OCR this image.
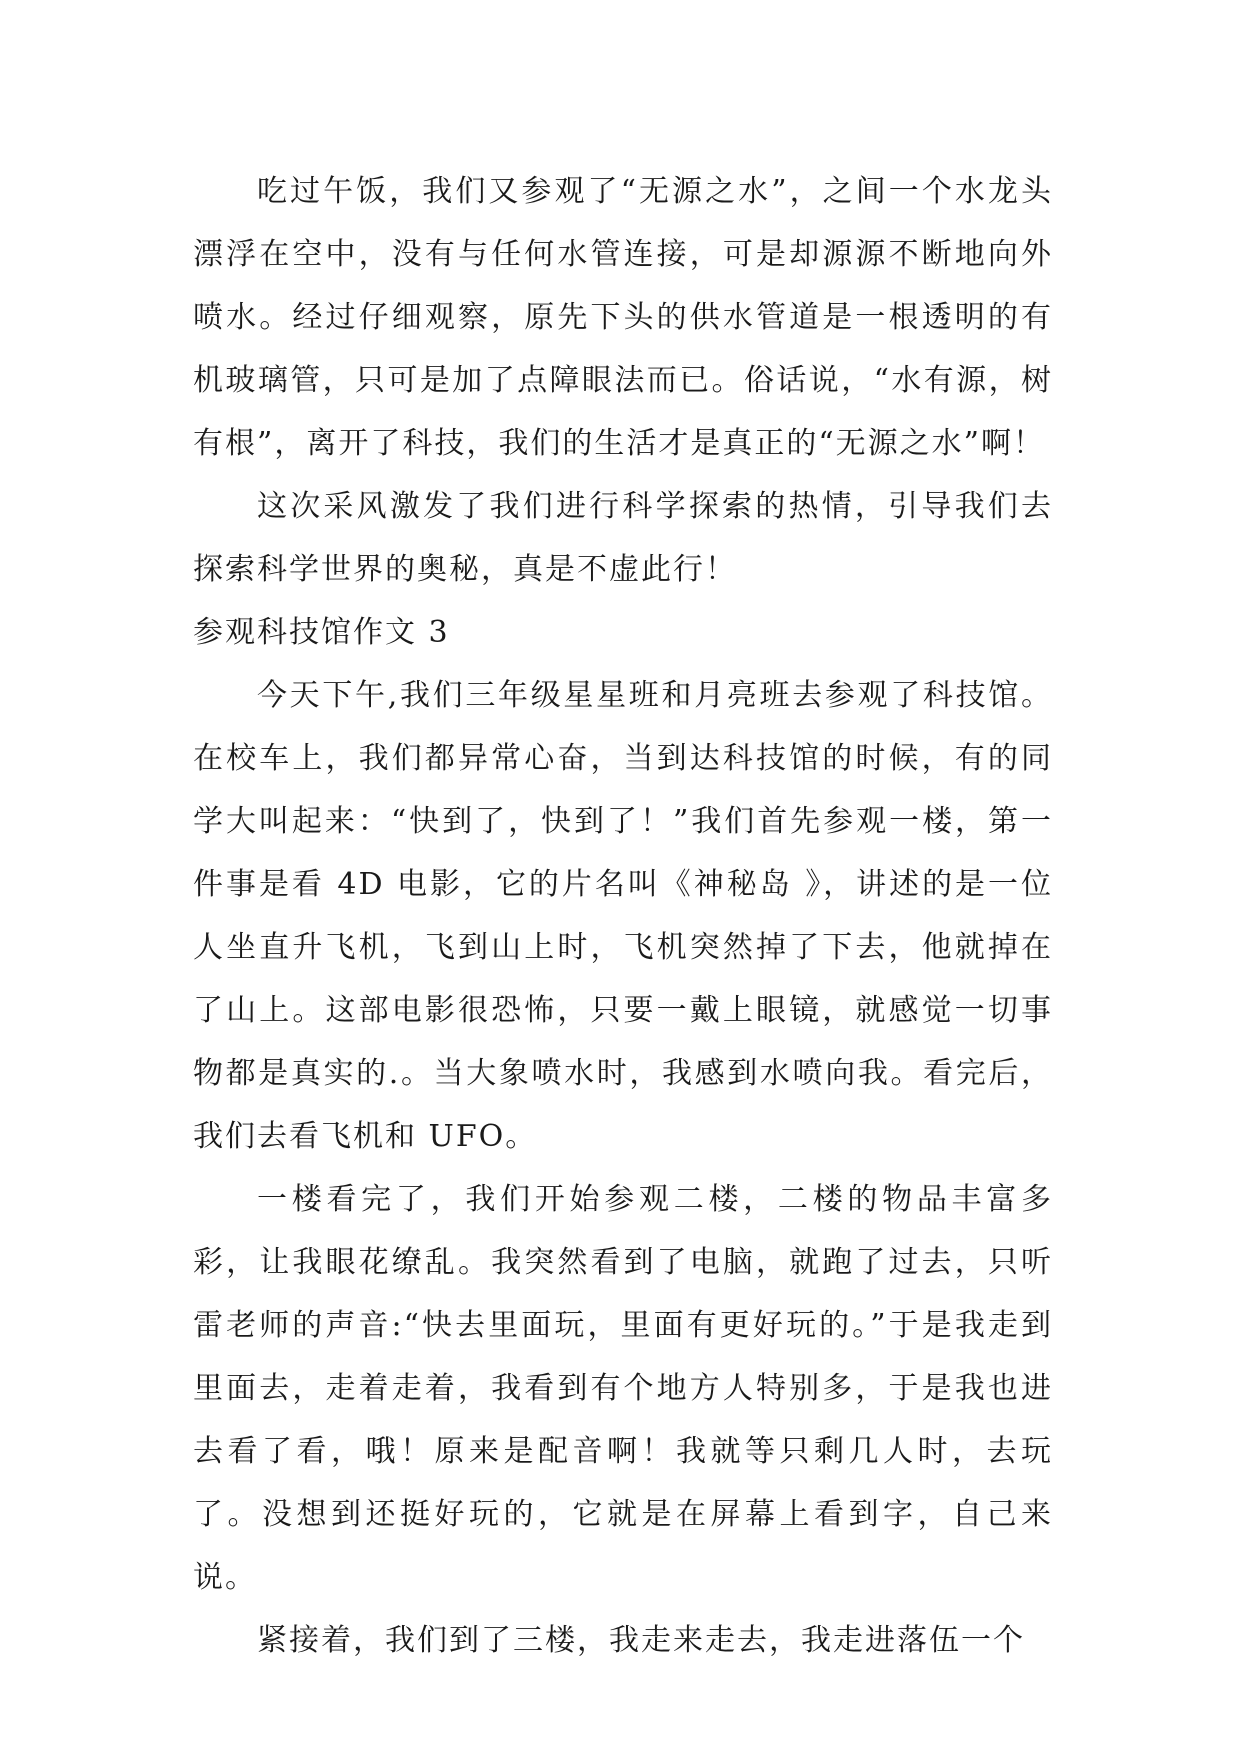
吃过午饭，我们又参观了“无源之水”，之间一个水龙头漂浮在空中，没有与任何水管连接，可是却源源不断地向外喷水。经过仔细观察，原先下头的供水管道是一根透明的有机玻璃管，只可是加了点障眼法而已。俗话说，“水有源，树有根”，离开了科技，我们的生活才是真正的“无源之水”啊！

这次采风激发了我们进行科学探索的热情，引导我们去探索科学世界的奥秘，真是不虚此行！

参观科技馆作文 3

今天下午,我们三年级星星班和月亮班去参观了科技馆。在校车上，我们都异常心奋，当到达科技馆的时候，有的同学大叫起来：“快到了，快到了！”我们首先参观一楼，第一件事是看 4D 电影，它的片名叫《神秘岛 》，讲述的是一位人坐直升飞机，飞到山上时，飞机突然掉了下去，他就掉在了山上。这部电影很恐怖，只要一戴上眼镜，就感觉一切事物都是真实的.。当大象喷水时，我感到水喷向我。看完后，我们去看飞机和 UFO。

一楼看完了，我们开始参观二楼，二楼的物品丰富多彩，让我眼花缭乱。我突然看到了电脑，就跑了过去，只听雷老师的声音:“快去里面玩，里面有更好玩的。”于是我走到里面去，走着走着，我看到有个地方人特别多，于是我也进去看了看，哦！原来是配音啊！我就等只剩几人时，去玩了。没想到还挺好玩的，它就是在屏幕上看到字，自己来说。

紧接着，我们到了三楼，我走来走去，我走进落伍一个
